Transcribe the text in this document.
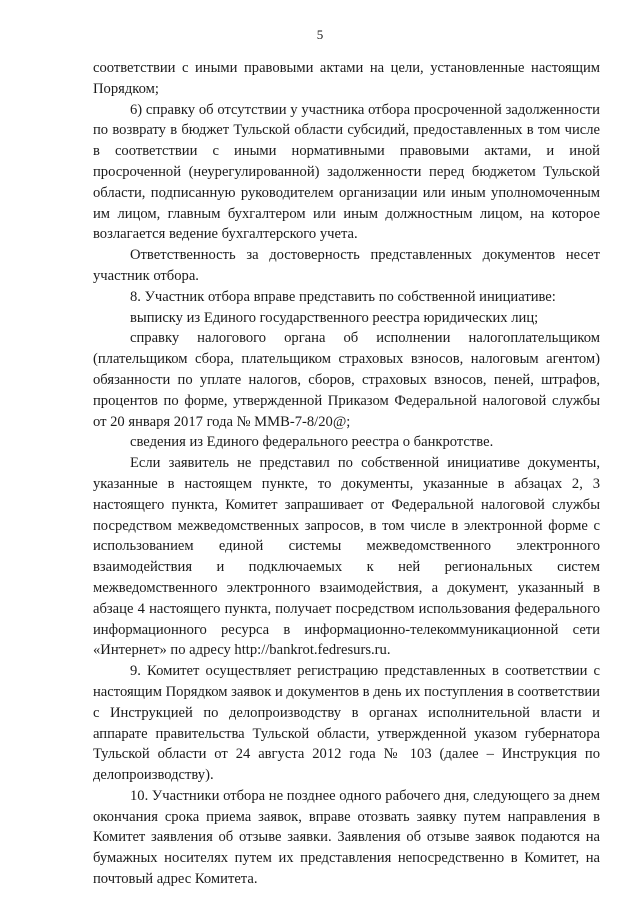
5

соответствии с иными правовыми актами на цели, установленные настоящим Порядком;

6) справку об отсутствии у участника отбора просроченной задолженности по возврату в бюджет Тульской области субсидий, предоставленных в том числе в соответствии с иными нормативными правовыми актами, и иной просроченной (неурегулированной) задолженности перед бюджетом Тульской области, подписанную руководителем организации или иным уполномоченным им лицом, главным бухгалтером или иным должностным лицом, на которое возлагается ведение бухгалтерского учета.

Ответственность за достоверность представленных документов несет участник отбора.

8. Участник отбора вправе представить по собственной инициативе:

выписку из Единого государственного реестра юридических лиц;

справку налогового органа об исполнении налогоплательщиком (плательщиком сбора, плательщиком страховых взносов, налоговым агентом) обязанности по уплате налогов, сборов, страховых взносов, пеней, штрафов, процентов по форме, утвержденной Приказом Федеральной налоговой службы от 20 января 2017 года № ММВ-7-8/20@;

сведения из Единого федерального реестра о банкротстве.

Если заявитель не представил по собственной инициативе документы, указанные в настоящем пункте, то документы, указанные в абзацах 2, 3 настоящего пункта, Комитет запрашивает от Федеральной налоговой службы посредством межведомственных запросов, в том числе в электронной форме с использованием единой системы межведомственного электронного взаимодействия и подключаемых к ней региональных систем межведомственного электронного взаимодействия, а документ, указанный в абзаце 4 настоящего пункта, получает посредством использования федерального информационного ресурса в информационно-телекоммуникационной сети «Интернет» по адресу http://bankrot.fedresurs.ru.

9. Комитет осуществляет регистрацию представленных в соответствии с настоящим Порядком заявок и документов в день их поступления в соответствии с Инструкцией по делопроизводству в органах исполнительной власти и аппарате правительства Тульской области, утвержденной указом губернатора Тульской области от 24 августа 2012 года № 103 (далее – Инструкция по делопроизводству).

10. Участники отбора не позднее одного рабочего дня, следующего за днем окончания срока приема заявок, вправе отозвать заявку путем направления в Комитет заявления об отзыве заявки. Заявления об отзыве заявок подаются на бумажных носителях путем их представления непосредственно в Комитет, на почтовый адрес Комитета.
